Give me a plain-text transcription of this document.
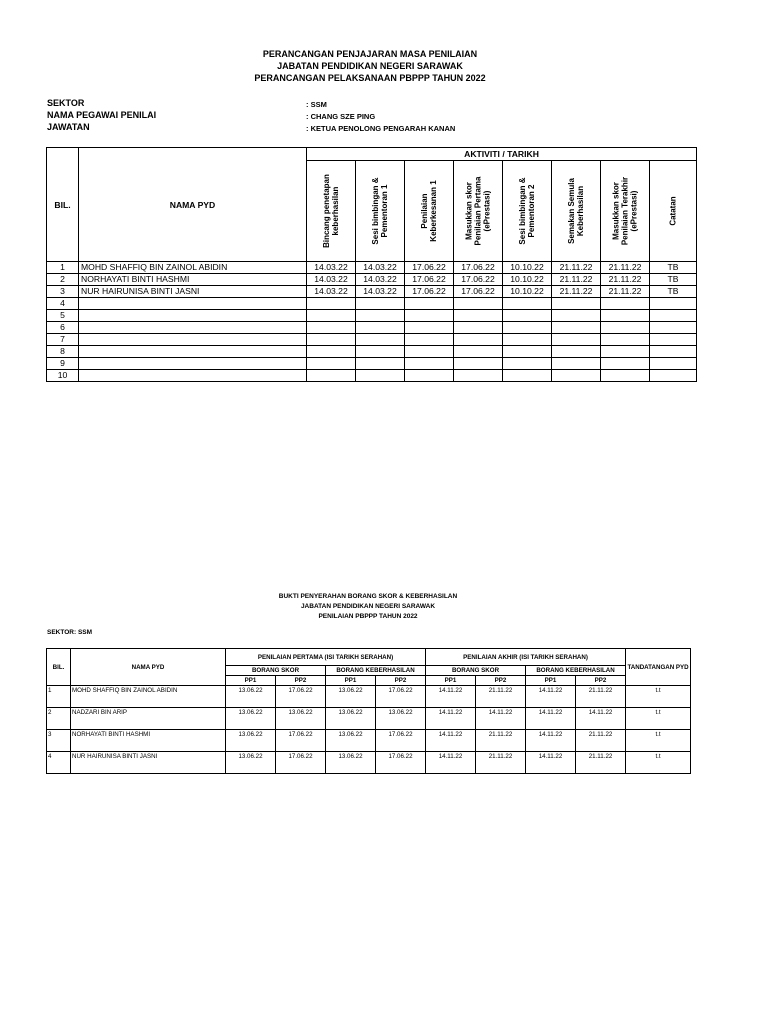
PERANCANGAN PENJAJARAN MASA PENILAIAN
JABATAN PENDIDIKAN NEGERI SARAWAK
PERANCANGAN PELAKSANAAN PBPPP TAHUN 2022
SEKTOR	: SSM
NAMA PEGAWAI PENILAI	: CHANG SZE PING
JAWATAN	: KETUA PENOLONG PENGARAH KANAN
BIL.	NAMA PYD	AKTIVITI / TARIKH							

		Bincang penetapan keberhasilan	Sesi bimbingan & Pementoran 1	Penilaian Keberkesanan 1	Masukkan skor Penilaian Pertama (ePrestasi)	Sesi bimbingan & Pementoran 2	Semakan Semula Keberhasilan	Masukkan skor Penilaian Terakhir (ePrestasi)	Catatan

1	MOHD SHAFFIQ BIN ZAINOL ABIDIN	14.03.22	14.03.22	17.06.22	17.06.22	10.10.22	21.11.22	21.11.22	TB
2	NORHAYATI BINTI HASHMI	14.03.22	14.03.22	17.06.22	17.06.22	10.10.22	21.11.22	21.11.22	TB
3	NUR HAIRUNISA BINTI JASNI	14.03.22	14.03.22	17.06.22	17.06.22	10.10.22	21.11.22	21.11.22	TB
4									
5									
6									
7									
8									
9									
10									
BUKTI PENYERAHAN BORANG SKOR & KEBERHASILAN
JABATAN PENDIDIKAN NEGERI SARAWAK
PENILAIAN PBPPP TAHUN 2022
SEKTOR: SSM
BIL.	NAMA PYD	PENILAIAN PERTAMA (ISI TARIKH SERAHAN)				PENILAIAN AKHIR (ISI TARIKH SERAHAN)				TANDATANGAN PYD
		BORANG SKOR		BORANG KEBERHASILAN		BORANG SKOR		BORANG KEBERHASILAN		
		PP1	PP2	PP1	PP2	PP1	PP2	PP1	PP2	
1	MOHD SHAFFIQ BIN ZAINOL ABIDIN	13.06.22	17.06.22	13.06.22	17.06.22	14.11.22	21.11.22	14.11.22	21.11.22	t.t
2	NADZARI BIN ARIP	13.06.22	13.06.22	13.06.22	13.06.22	14.11.22	14.11.22	14.11.22	14.11.22	t.t
3	NORHAYATI BINTI HASHMI	13.06.22	17.06.22	13.06.22	17.06.22	14.11.22	21.11.22	14.11.22	21.11.22	t.t
4	NUR HAIRUNISA BINTI JASNI	13.06.22	17.06.22	13.06.22	17.06.22	14.11.22	21.11.22	14.11.22	21.11.22	t.t
